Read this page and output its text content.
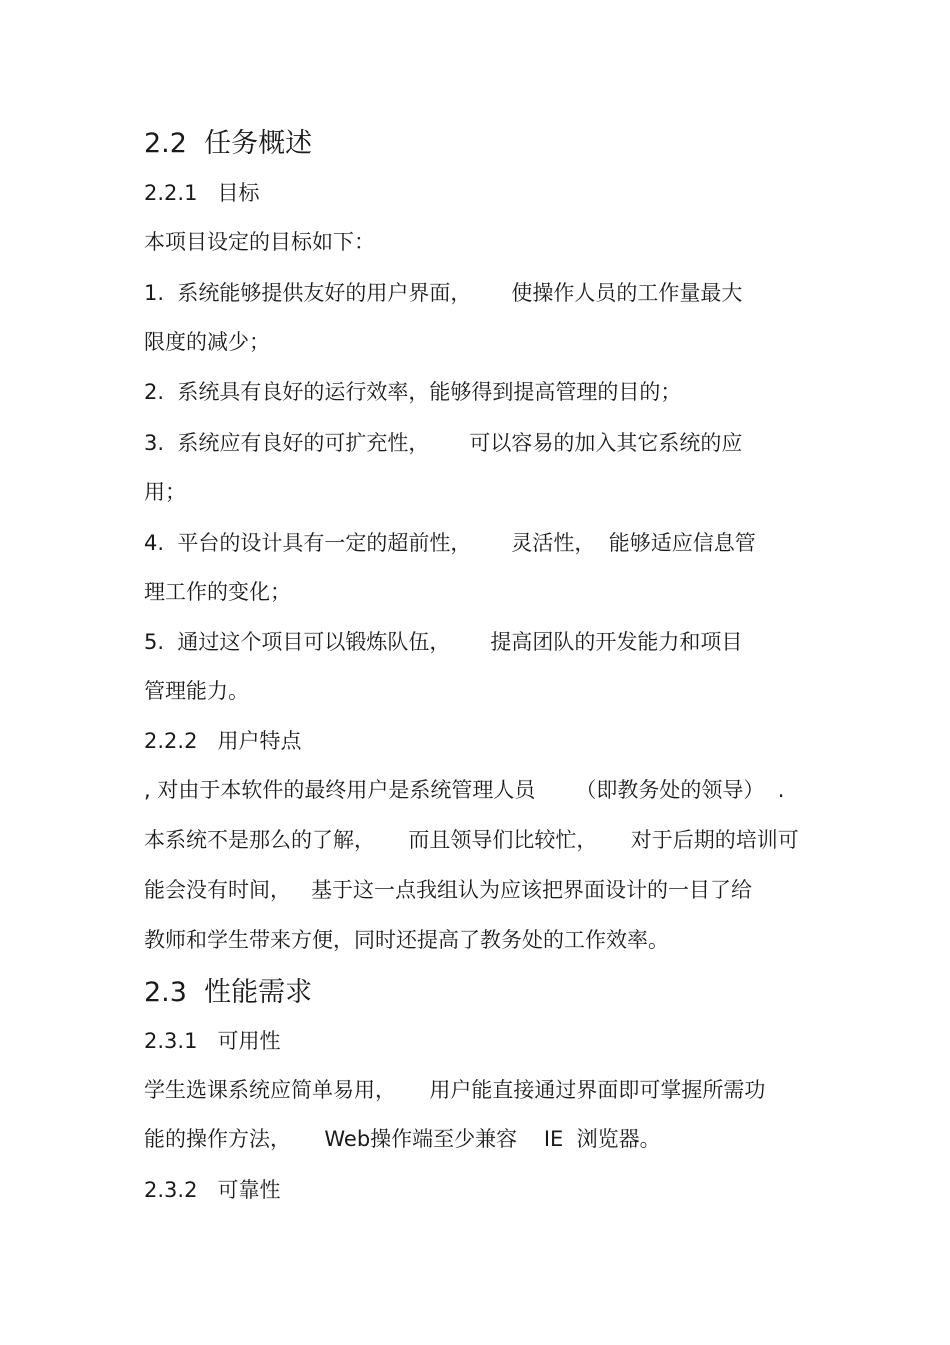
2.2  任务概述
2.2.1   目标
本项目设定的目标如下：
1.  系统能够提供友好的用户界面，      使操作人员的工作量最大
限度的减少；
2.  系统具有良好的运行效率，能够得到提高管理的目的；
3.  系统应有良好的可扩充性，      可以容易的加入其它系统的应
用；
4.  平台的设计具有一定的超前性，      灵活性，  能够适应信息管
理工作的变化；
5.  通过这个项目可以锻炼队伍，      提高团队的开发能力和项目
管理能力。
2.2.2   用户特点
, 对由于本软件的最终用户是系统管理人员      （即教务处的领导）  .
本系统不是那么的了解，     而且领导们比较忙，     对于后期的培训可
能会没有时间，   基于这一点我组认为应该把界面设计的一目了给
教师和学生带来方便，同时还提高了教务处的工作效率。
2.3  性能需求
2.3.1   可用性
学生选课系统应简单易用，     用户能直接通过界面即可掌握所需功
能的操作方法，     Web操作端至少兼容    IE  浏览器。
2.3.2   可靠性
